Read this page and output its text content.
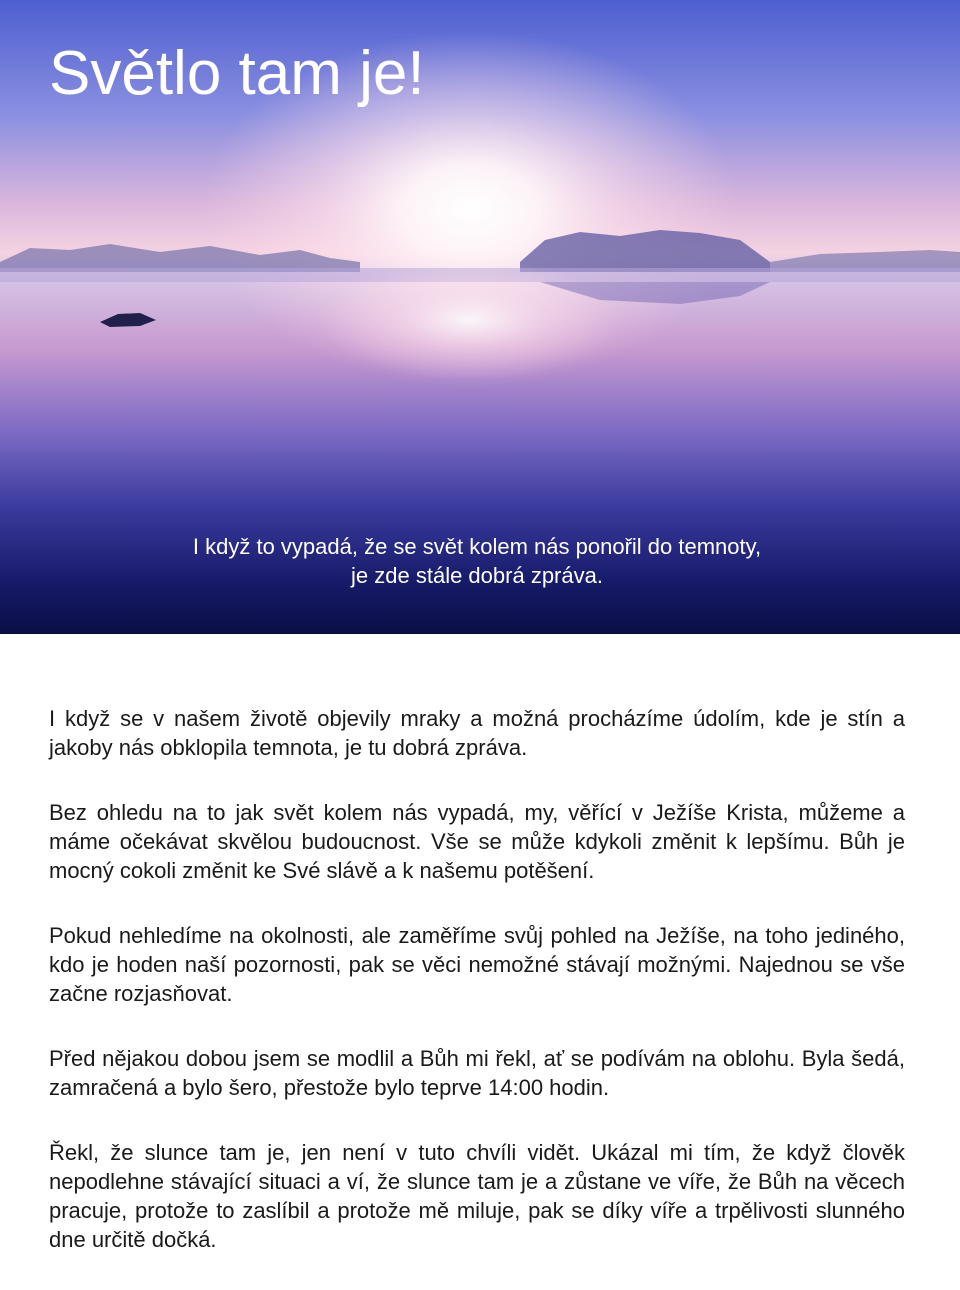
Světlo tam je!
I když to vypadá, že se svět kolem nás ponořil do temnoty,
je zde stále dobrá zpráva.

I když se v našem životě objevily mraky a možná procházíme údolím, kde je stín a jakoby nás obklopila temnota, je tu dobrá zpráva.

Bez ohledu na to jak svět kolem nás vypadá, my, věřící v Ježíše Krista, můžeme a máme očekávat skvělou budoucnost. Vše se může kdykoli změnit k lepšímu. Bůh je mocný cokoli změnit ke Své slávě a k našemu potěšení.

Pokud nehledíme na okolnosti, ale zaměříme svůj pohled na Ježíše, na toho jediného, kdo je hoden naší pozornosti, pak se věci nemožné stávají možnými. Najednou se vše začne rozjasňovat.

Před nějakou dobou jsem se modlil a Bůh mi řekl, ať se podívám na oblohu. Byla šedá, zamračená a bylo šero, přestože bylo teprve 14:00 hodin.

Řekl, že slunce tam je, jen není v tuto chvíli vidět. Ukázal mi tím, že když člověk nepodlehne stávající situaci a ví, že slunce tam je a zůstane ve víře, že Bůh na věcech pracuje, protože to zaslíbil a protože mě miluje, pak se díky víře a trpělivosti slunného dne určitě dočká.
